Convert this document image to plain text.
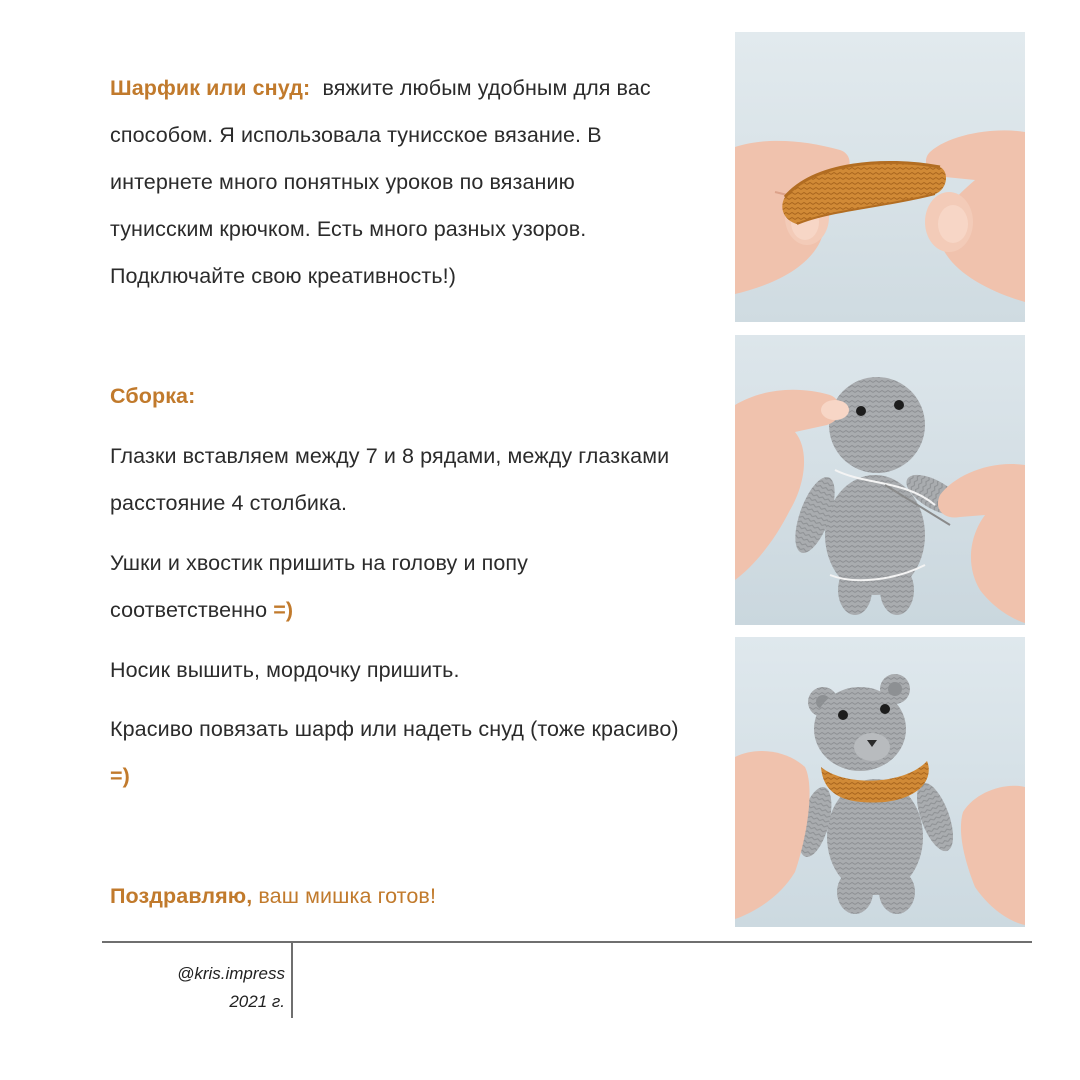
Шарфик или снуд: вяжите любым удобным для вас

способом. Я использовала тунисское вязание. В

интернете много понятных уроков по вязанию

тунисским крючком. Есть много разных узоров.

Подключайте свою креативность!)

Сборка:

Глазки вставляем между 7 и 8 рядами, между глазками

расстояние 4 столбика.

Ушки и хвостик пришить на голову и попу

соответственно =)

Носик вышить, мордочку пришить.

Красиво повязать шарф или надеть снуд (тоже красиво)

=)

Поздравляю, ваш мишка готов!
@kris.impress
2021 г.
